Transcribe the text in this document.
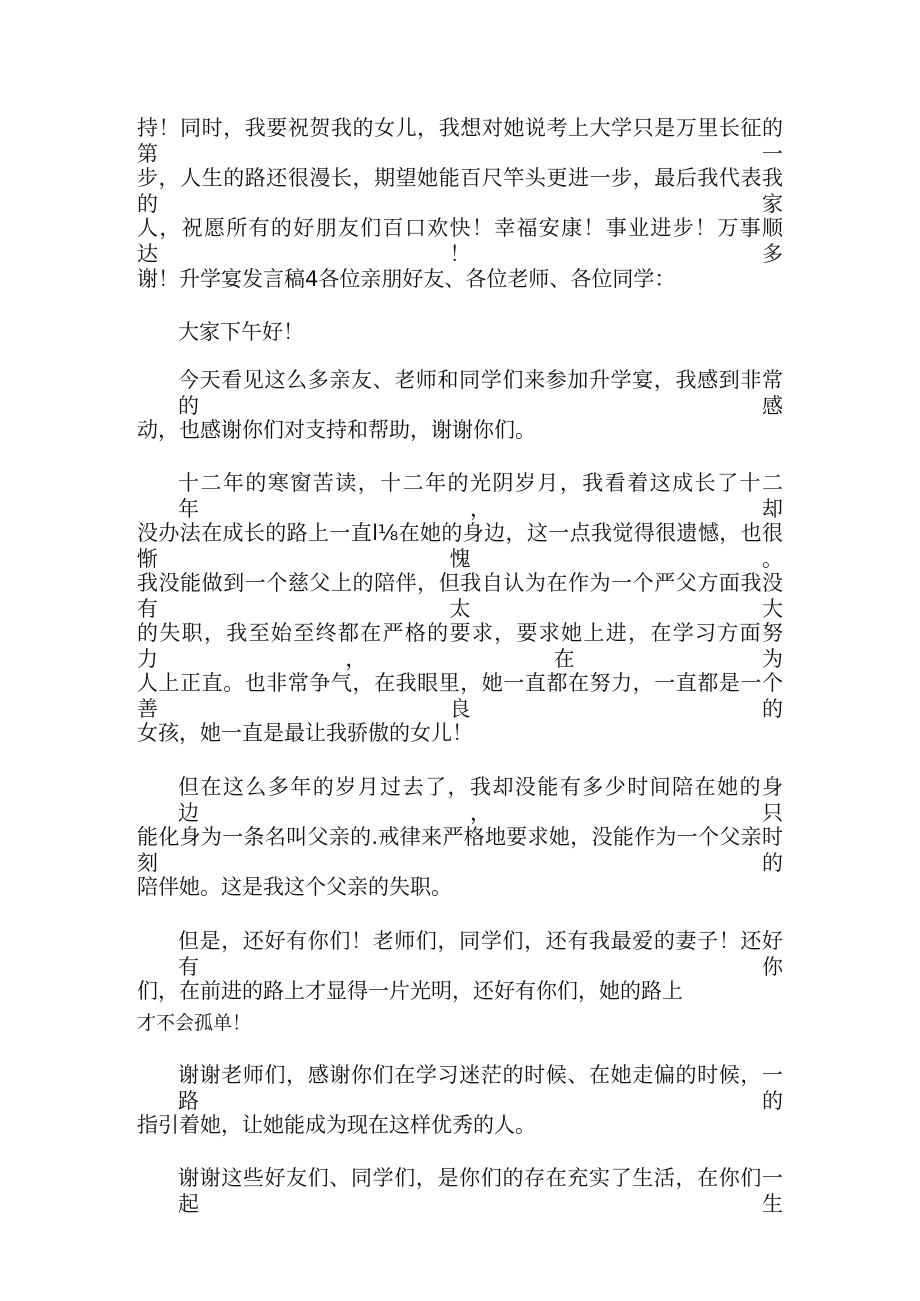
持！同时，我要祝贺我的女儿，我想对她说考上大学只是万里长征的第一
步，人生的路还很漫长，期望她能百尺竿头更进一步，最后我代表我的家
人，祝愿所有的好朋友们百口欢快！幸福安康！事业进步！万事顺达！多
谢！升学宴发言稿4各位亲朋好友、各位老师、各位同学：
大家下午好！
今天看见这么多亲友、老师和同学们来参加升学宴，我感到非常的感
动，也感谢你们对支持和帮助，谢谢你们。
十二年的寒窗苦读，十二年的光阴岁月，我看着这成长了十二年，却
没办法在成长的路上一直l⅛在她的身边，这一点我觉得很遗憾，也很惭愧。
我没能做到一个慈父上的陪伴，但我自认为在作为一个严父方面我没有太大
的失职，我至始至终都在严格的要求，要求她上进，在学习方面努力，在为
人上正直。也非常争气，在我眼里，她一直都在努力，一直都是一个善良的
女孩，她一直是最让我骄傲的女儿！
但在这么多年的岁月过去了，我却没能有多少时间陪在她的身边，只
能化身为一条名叫父亲的.戒律来严格地要求她，没能作为一个父亲时刻的
陪伴她。这是我这个父亲的失职。
但是，还好有你们！老师们，同学们，还有我最爱的妻子！还好有你
们，在前进的路上才显得一片光明，还好有你们，她的路上
才不会孤单！
谢谢老师们，感谢你们在学习迷茫的时候、在她走偏的时候，一路的
指引着她，让她能成为现在这样优秀的人。
谢谢这些好友们、同学们，是你们的存在充实了生活，在你们一起生
